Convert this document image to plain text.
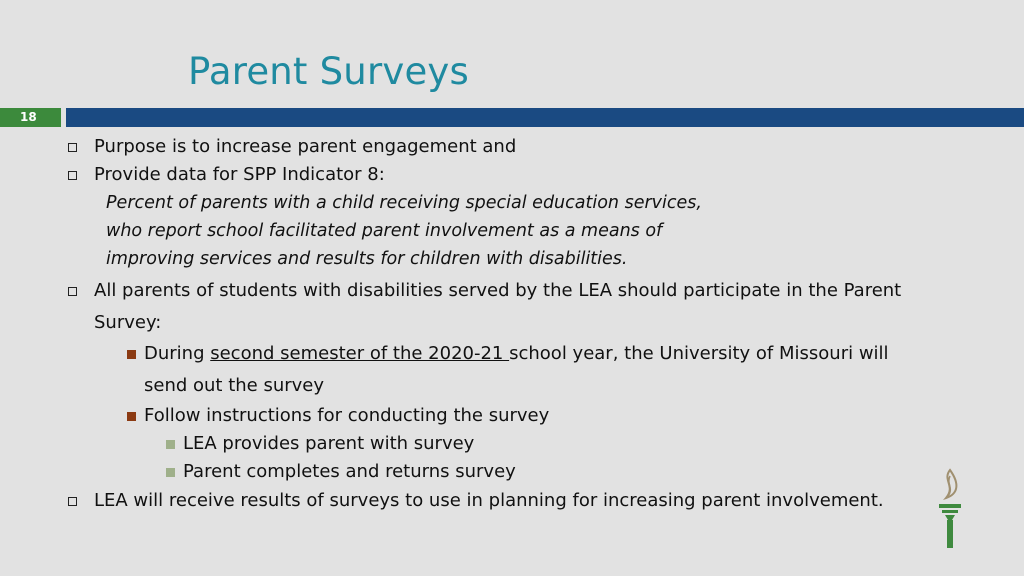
Parent Surveys
18
Purpose is to increase parent engagement and
Provide data for SPP Indicator 8:
Percent of parents with a child receiving special education services,
who report school facilitated parent involvement as a means of
improving services and results for children with disabilities.
All parents of students with disabilities served by the LEA should participate in the Parent
Survey:
During second semester of the 2020-21 school year, the University of Missouri will
send out the survey
Follow instructions for conducting the survey
LEA provides parent with survey
Parent completes and returns survey
LEA will receive results of surveys to use in planning for increasing parent involvement.
